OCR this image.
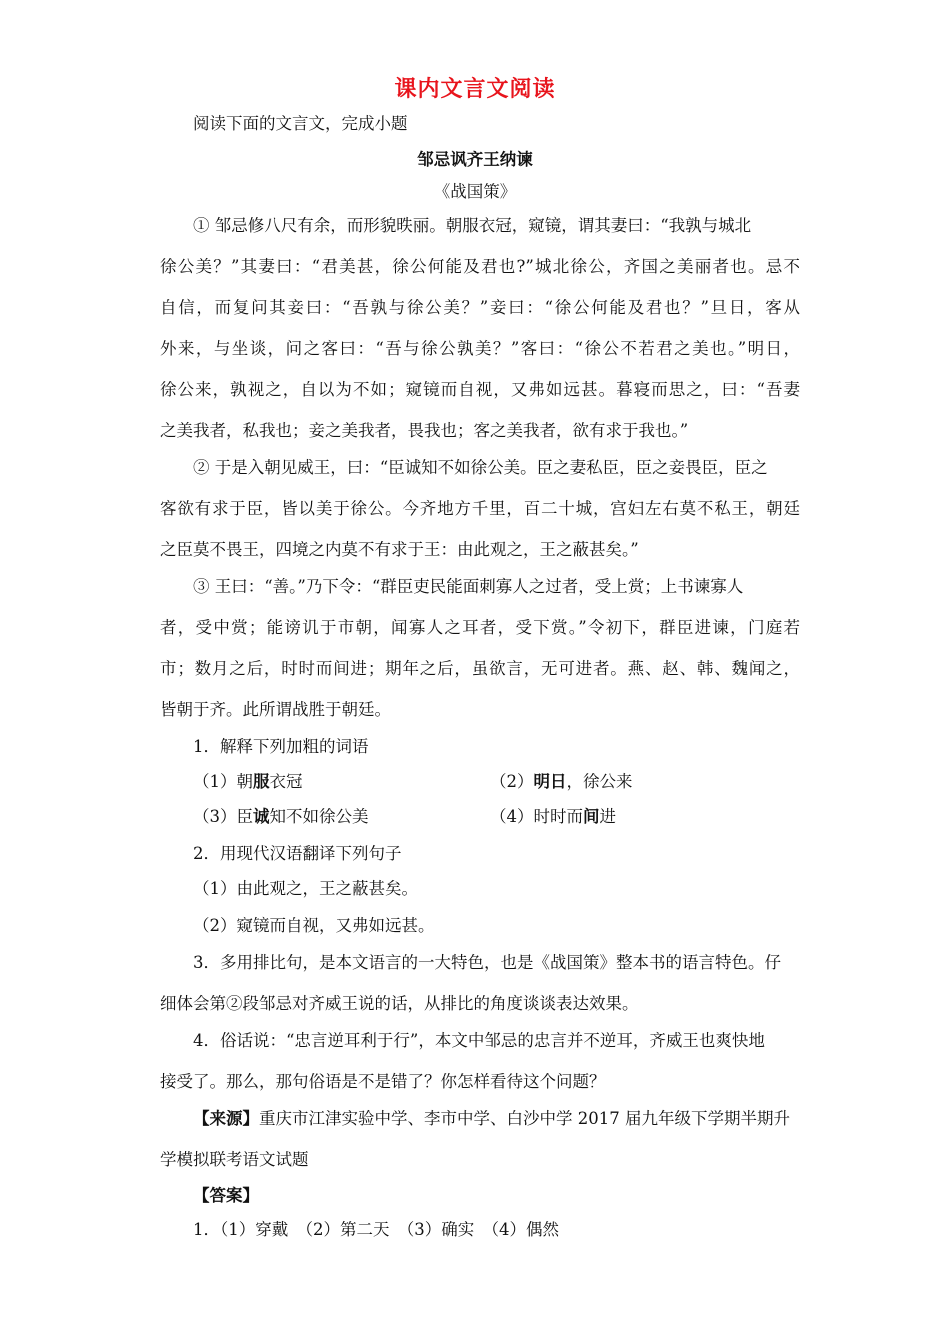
课内文言文阅读
阅读下面的文言文，完成小题
邹忌讽齐王纳谏
《战国策》
① 邹忌修八尺有余，而形貌昳丽。朝服衣冠，窥镜，谓其妻曰：“我孰与城北
徐公美？”其妻曰：“君美甚，徐公何能及君也?”城北徐公，齐国之美丽者也。忌不
自信，而复问其妾曰：“吾孰与徐公美？”妾曰：“徐公何能及君也？”旦日，客从
外来，与坐谈，问之客曰：“吾与徐公孰美？”客曰：“徐公不若君之美也。”明日，
徐公来，孰视之，自以为不如；窥镜而自视，又弗如远甚。暮寝而思之，曰：“吾妻
之美我者，私我也；妾之美我者，畏我也；客之美我者，欲有求于我也。”
② 于是入朝见威王，曰：“臣诚知不如徐公美。臣之妻私臣，臣之妾畏臣，臣之
客欲有求于臣，皆以美于徐公。今齐地方千里，百二十城，宫妇左右莫不私王，朝廷
之臣莫不畏王，四境之内莫不有求于王：由此观之，王之蔽甚矣。”
③ 王曰：“善。”乃下令：“群臣吏民能面刺寡人之过者，受上赏；上书谏寡人
者，受中赏；能谤讥于市朝，闻寡人之耳者，受下赏。”令初下，群臣进谏，门庭若
市；数月之后，时时而间进；期年之后，虽欲言，无可进者。燕、赵、韩、魏闻之，
皆朝于齐。此所谓战胜于朝廷。
1．解释下列加粗的词语
（1）朝服衣冠	（2）明日，徐公来
（3）臣诚知不如徐公美	（4）时时而间进
2．用现代汉语翻译下列句子
（1）由此观之，王之蔽甚矣。
（2）窥镜而自视，又弗如远甚。
3．多用排比句，是本文语言的一大特色，也是《战国策》整本书的语言特色。仔
细体会第②段邹忌对齐威王说的话，从排比的角度谈谈表达效果。
4．俗话说：“忠言逆耳利于行”，本文中邹忌的忠言并不逆耳，齐威王也爽快地
接受了。那么，那句俗语是不是错了？你怎样看待这个问题？
【来源】重庆市江津实验中学、李市中学、白沙中学 2017 届九年级下学期半期升
学模拟联考语文试题
【答案】
1．（1）穿戴　（2）第二天　（3）确实　（4）偶然
